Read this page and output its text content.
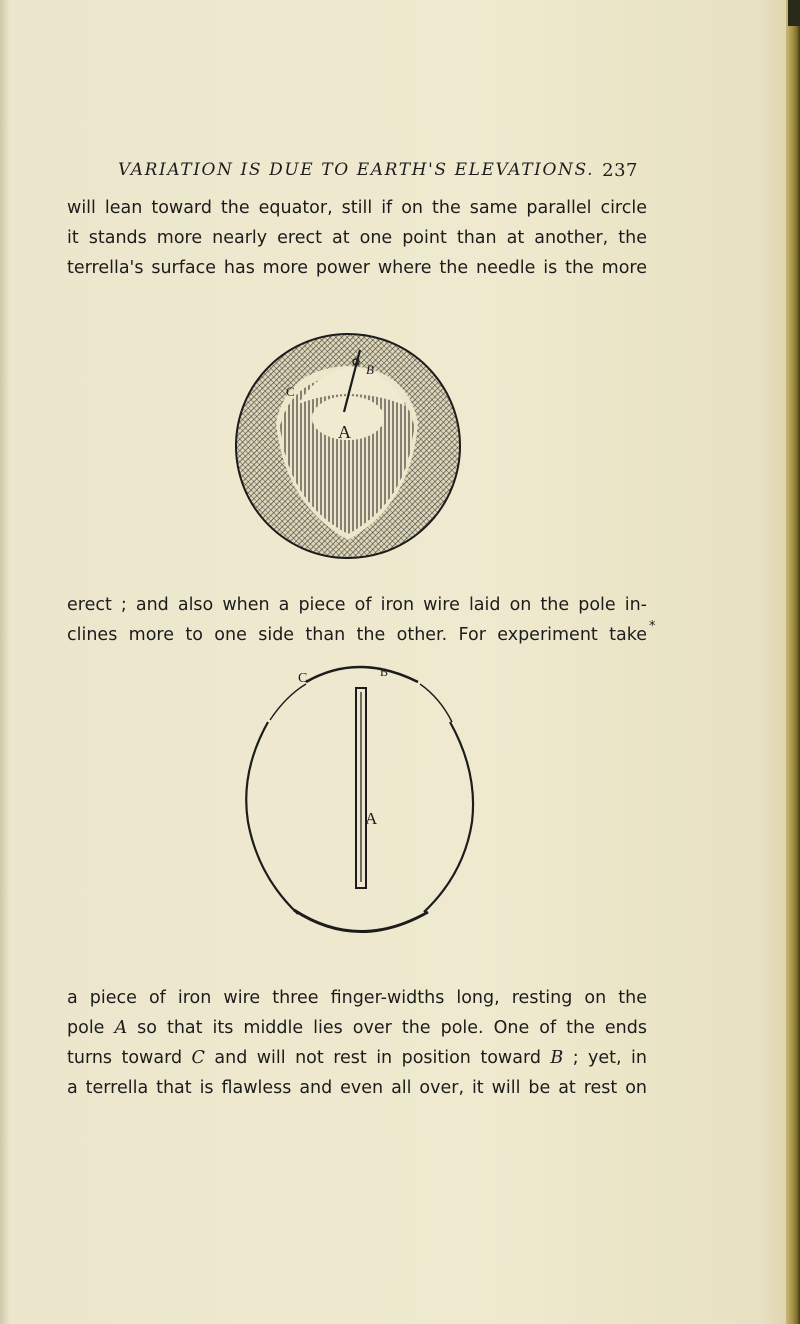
VARIATION IS DUE TO EARTH'S ELEVATIONS. 237

will lean toward the equator, still if on the same parallel circle
it stands more nearly erect at one point than at another, the
terrella's surface has more power where the needle is the more

A
B
C

erect ; and also when a piece of iron wire laid on the pole in-
clines more to one side than the other. For experiment take *
C	B
A

a piece of iron wire three finger-widths long, resting on the
pole A so that its middle lies over the pole. One of the ends
turns toward C and will not rest in position toward B ; yet, in
a terrella that is flawless and even all over, it will be at rest on
